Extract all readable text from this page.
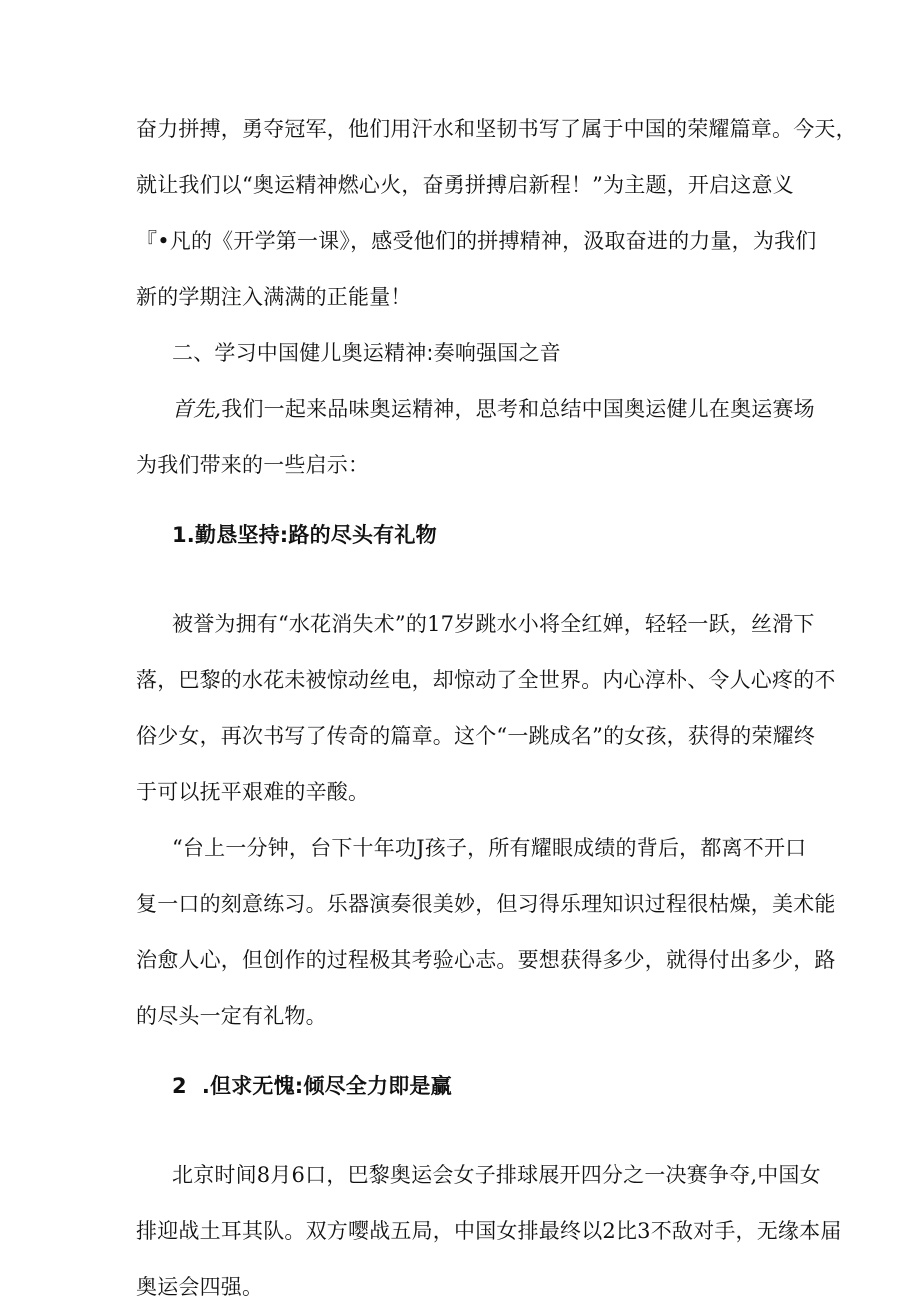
奋力拼搏，勇夺冠军，他们用汗水和坚韧书写了属于中国的荣耀篇章。今天，
就让我们以“奥运精神燃心火，奋勇拼搏启新程！”为主题，开启这意义
『•凡的《开学第一课》，感受他们的拼搏精神，汲取奋进的力量，为我们
新的学期注入满满的正能量！
二、学习中国健儿奥运精神:奏响强国之音
首先,我们一起来品味奥运精神，思考和总结中国奥运健儿在奥运赛场
为我们带来的一些启示：
1.勤恳坚持:路的尽头有礼物
被誉为拥有“水花消失术”的17岁跳水小将全红婵，轻轻一跃，丝滑下
落，巴黎的水花未被惊动丝电，却惊动了全世界。内心淳朴、令人心疼的不
俗少女，再次书写了传奇的篇章。这个“一跳成名”的女孩，获得的荣耀终
于可以抚平艰难的辛酸。
“台上一分钟，台下十年功J孩子，所有耀眼成绩的背后，都离不开口
复一口的刻意练习。乐器演奏很美妙，但习得乐理知识过程很枯燥，美术能
治愈人心，但创作的过程极其考验心志。要想获得多少，就得付出多少，路
的尽头一定有礼物。
2  .但求无愧:倾尽全力即是赢
北京时间8月6口，巴黎奥运会女子排球展开四分之一决赛争夺,中国女
排迎战土耳其队。双方嘤战五局，中国女排最终以2比3不敌对手，无缘本届
奥运会四强。
